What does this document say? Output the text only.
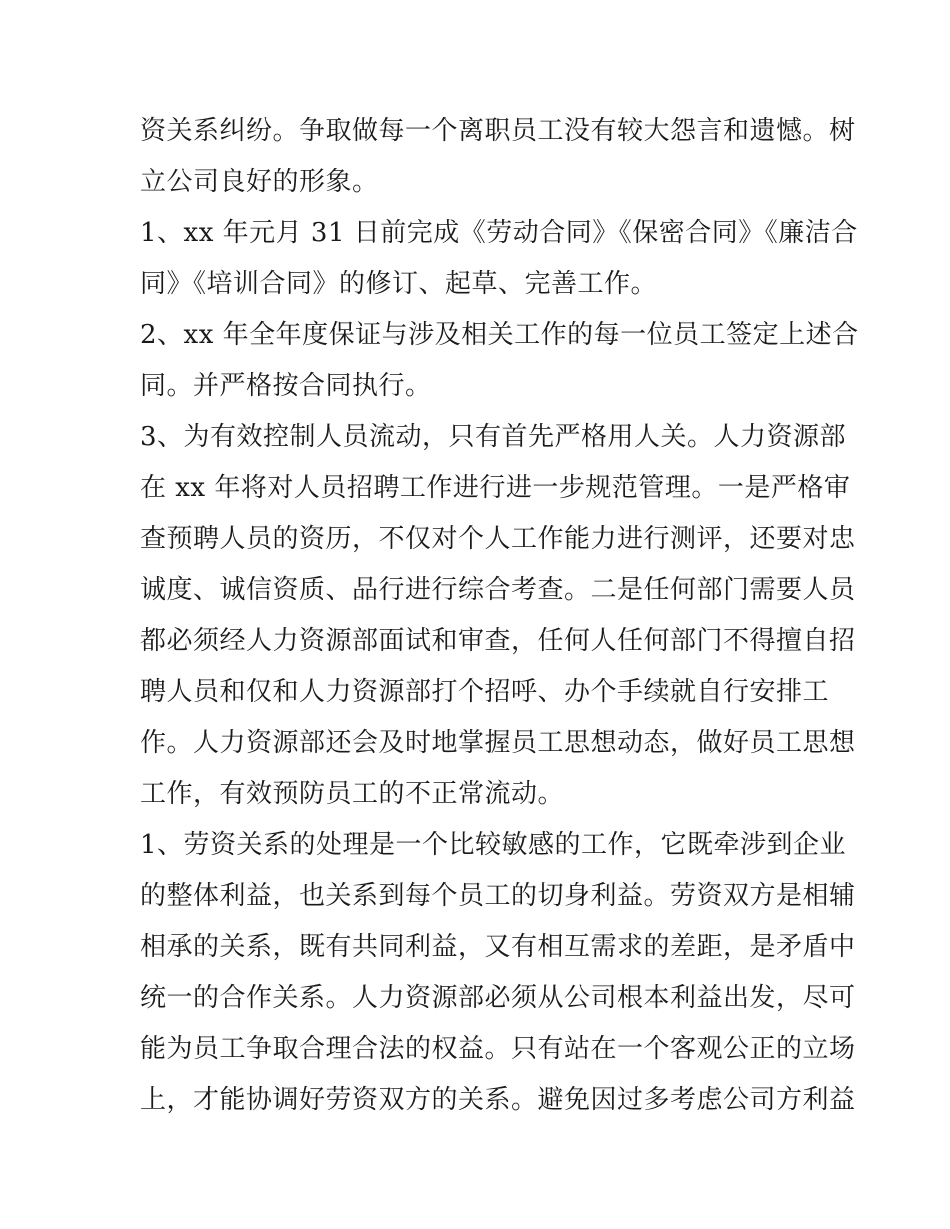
资关系纠纷。争取做每一个离职员工没有较大怨言和遗憾。树
立公司良好的形象。
1、xx 年元月 31 日前完成《劳动合同》《保密合同》《廉洁合
同》《培训合同》的修订、起草、完善工作。
2、xx 年全年度保证与涉及相关工作的每一位员工签定上述合
同。并严格按合同执行。
3、为有效控制人员流动，只有首先严格用人关。人力资源部
在 xx 年将对人员招聘工作进行进一步规范管理。一是严格审
查预聘人员的资历，不仅对个人工作能力进行测评，还要对忠
诚度、诚信资质、品行进行综合考查。二是任何部门需要人员
都必须经人力资源部面试和审查，任何人任何部门不得擅自招
聘人员和仅和人力资源部打个招呼、办个手续就自行安排工
作。人力资源部还会及时地掌握员工思想动态，做好员工思想
工作，有效预防员工的不正常流动。
1、劳资关系的处理是一个比较敏感的工作，它既牵涉到企业
的整体利益，也关系到每个员工的切身利益。劳资双方是相辅
相承的关系，既有共同利益，又有相互需求的差距，是矛盾中
统一的合作关系。人力资源部必须从公司根本利益出发，尽可
能为员工争取合理合法的权益。只有站在一个客观公正的立场
上，才能协调好劳资双方的关系。避免因过多考虑公司方利益
